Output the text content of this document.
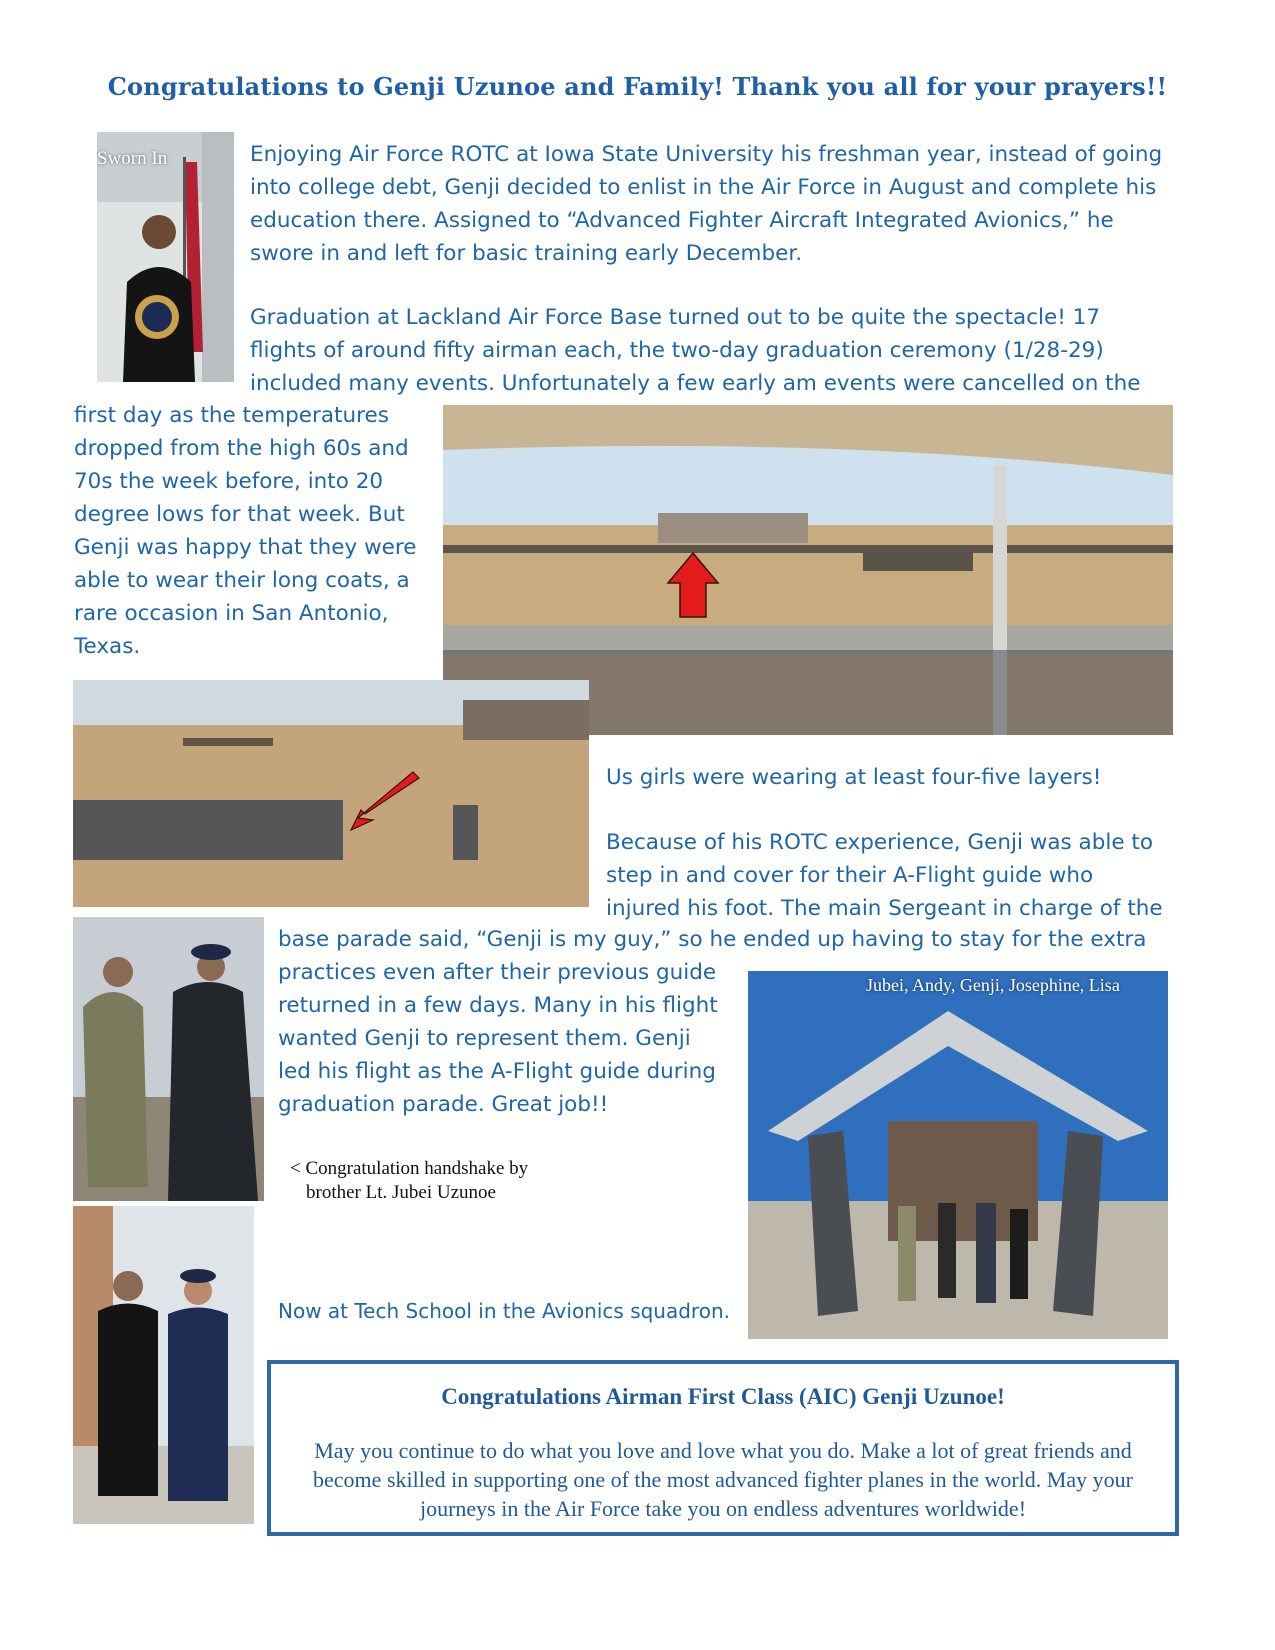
Congratulations to Genji Uzunoe and Family! Thank you all for your prayers!!
Sworn In	Enjoying Air Force ROTC at Iowa State University his freshman year, instead of going into college debt, Genji decided to enlist in the Air Force in August and complete his education there. Assigned to “Advanced Fighter Aircraft Integrated Avionics,” he swore in and left for basic training early December.
Graduation at Lackland Air Force Base turned out to be quite the spectacle! 17 flights of around fifty airman each, the two-day graduation ceremony (1/28-29) included many events. Unfortunately a few early am events were cancelled on the
first day as the temperatures dropped from the high 60s and 70s the week before, into 20 degree lows for that week. But Genji was happy that they were able to wear their long coats, a rare occasion in San Antonio, Texas.
Us girls were wearing at least four-five layers!
Because of his ROTC experience, Genji was able to step in and cover for their A-Flight guide who injured his foot. The main Sergeant in charge of the
base parade said, “Genji is my guy,” so he ended up having to stay for the extra
practices even after their previous guide returned in a few days. Many in his flight wanted Genji to represent them. Genji led his flight as the A-Flight guide during graduation parade. Great job!!
Jubei, Andy, Genji, Josephine, Lisa
< Congratulation handshake by
brother Lt. Jubei Uzunoe
Now at Tech School in the Avionics squadron.
Congratulations Airman First Class (AIC) Genji Uzunoe!
May you continue to do what you love and love what you do. Make a lot of great friends and become skilled in supporting one of the most advanced fighter planes in the world. May your journeys in the Air Force take you on endless adventures worldwide!
